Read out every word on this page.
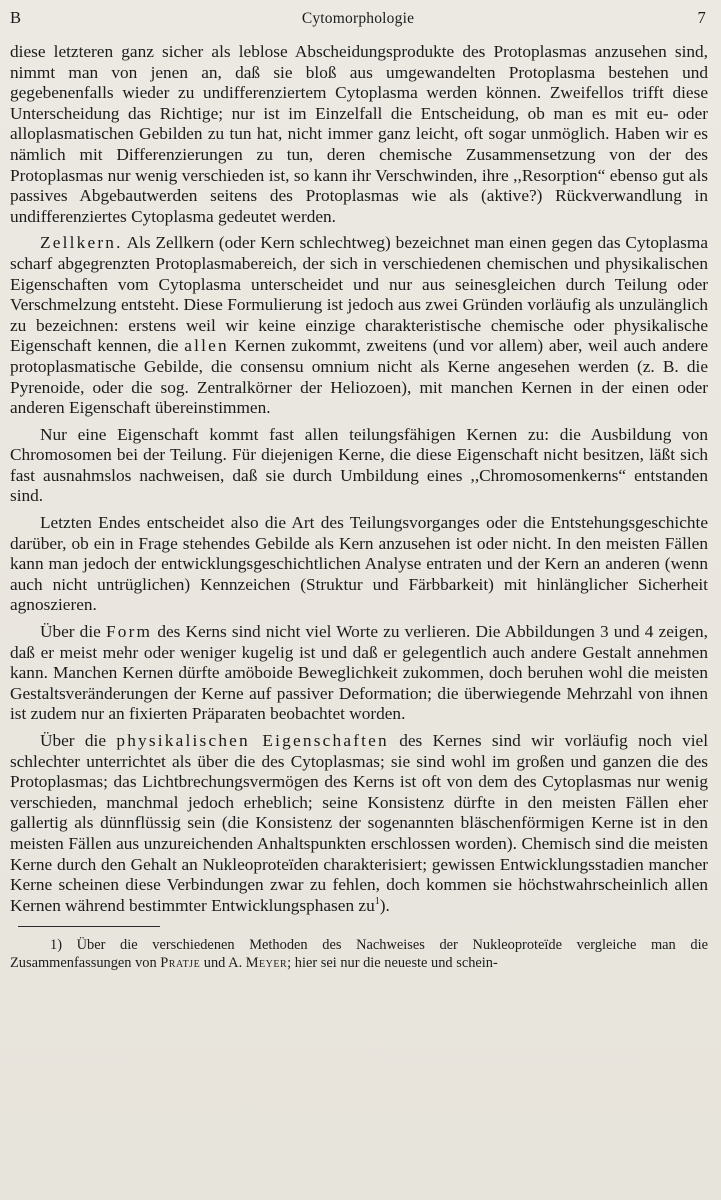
B	Cytomorphologie	7

diese letzteren ganz sicher als leblose Abscheidungsprodukte des Protoplasmas anzusehen sind, nimmt man von jenen an, daß sie bloß aus umgewandelten Protoplasma bestehen und gegebenenfalls wieder zu undifferenziertem Cytoplasma werden können. Zweifellos trifft diese Unterscheidung das Richtige; nur ist im Einzelfall die Entscheidung, ob man es mit eu- oder alloplasmatischen Gebilden zu tun hat, nicht immer ganz leicht, oft sogar unmöglich. Haben wir es nämlich mit Differenzierungen zu tun, deren chemische Zusammensetzung von der des Protoplasmas nur wenig verschieden ist, so kann ihr Verschwinden, ihre ,,Resorption“ ebenso gut als passives Abgebautwerden seitens des Protoplasmas wie als (aktive?) Rückverwandlung in undifferenziertes Cytoplasma gedeutet werden.

Zellkern. Als Zellkern (oder Kern schlechtweg) bezeichnet man einen gegen das Cytoplasma scharf abgegrenzten Protoplasmabereich, der sich in verschiedenen chemischen und physikalischen Eigenschaften vom Cytoplasma unterscheidet und nur aus seinesgleichen durch Teilung oder Verschmelzung entsteht. Diese Formulierung ist jedoch aus zwei Gründen vorläufig als unzulänglich zu bezeichnen: erstens weil wir keine einzige charakteristische chemische oder physikalische Eigenschaft kennen, die allen Kernen zukommt, zweitens (und vor allem) aber, weil auch andere protoplasmatische Gebilde, die consensu omnium nicht als Kerne angesehen werden (z. B. die Pyrenoide, oder die sog. Zentralkörner der Heliozoen), mit manchen Kernen in der einen oder anderen Eigenschaft übereinstimmen.

Nur eine Eigenschaft kommt fast allen teilungsfähigen Kernen zu: die Ausbildung von Chromosomen bei der Teilung. Für diejenigen Kerne, die diese Eigenschaft nicht besitzen, läßt sich fast ausnahmslos nachweisen, daß sie durch Umbildung eines ,,Chromosomenkerns“ entstanden sind.

Letzten Endes entscheidet also die Art des Teilungsvorganges oder die Entstehungsgeschichte darüber, ob ein in Frage stehendes Gebilde als Kern anzusehen ist oder nicht. In den meisten Fällen kann man jedoch der entwicklungsgeschichtlichen Analyse entraten und der Kern an anderen (wenn auch nicht untrüglichen) Kennzeichen (Struktur und Färbbarkeit) mit hinlänglicher Sicherheit agnoszieren.

Über die Form des Kerns sind nicht viel Worte zu verlieren. Die Abbildungen 3 und 4 zeigen, daß er meist mehr oder weniger kugelig ist und daß er gelegentlich auch andere Gestalt annehmen kann. Manchen Kernen dürfte amöboide Beweglichkeit zukommen, doch beruhen wohl die meisten Gestaltsveränderungen der Kerne auf passiver Deformation; die überwiegende Mehrzahl von ihnen ist zudem nur an fixierten Präparaten beobachtet worden.

Über die physikalischen Eigenschaften des Kernes sind wir vorläufig noch viel schlechter unterrichtet als über die des Cytoplasmas; sie sind wohl im großen und ganzen die des Protoplasmas; das Lichtbrechungsvermögen des Kerns ist oft von dem des Cytoplasmas nur wenig verschieden, manchmal jedoch erheblich; seine Konsistenz dürfte in den meisten Fällen eher gallertig als dünnflüssig sein (die Konsistenz der sogenannten bläschenförmigen Kerne ist in den meisten Fällen aus unzureichenden Anhaltspunkten erschlossen worden). Chemisch sind die meisten Kerne durch den Gehalt an Nukleoproteïden charakterisiert; gewissen Entwicklungsstadien mancher Kerne scheinen diese Verbindungen zwar zu fehlen, doch kommen sie höchstwahrscheinlich allen Kernen während bestimmter Entwicklungsphasen $zu^1$).

1) Über die verschiedenen Methoden des Nachweises der Nukleoproteïde vergleiche man die Zusammenfassungen von Pratje und A. Meyer; hier sei nur die neueste und schein-
